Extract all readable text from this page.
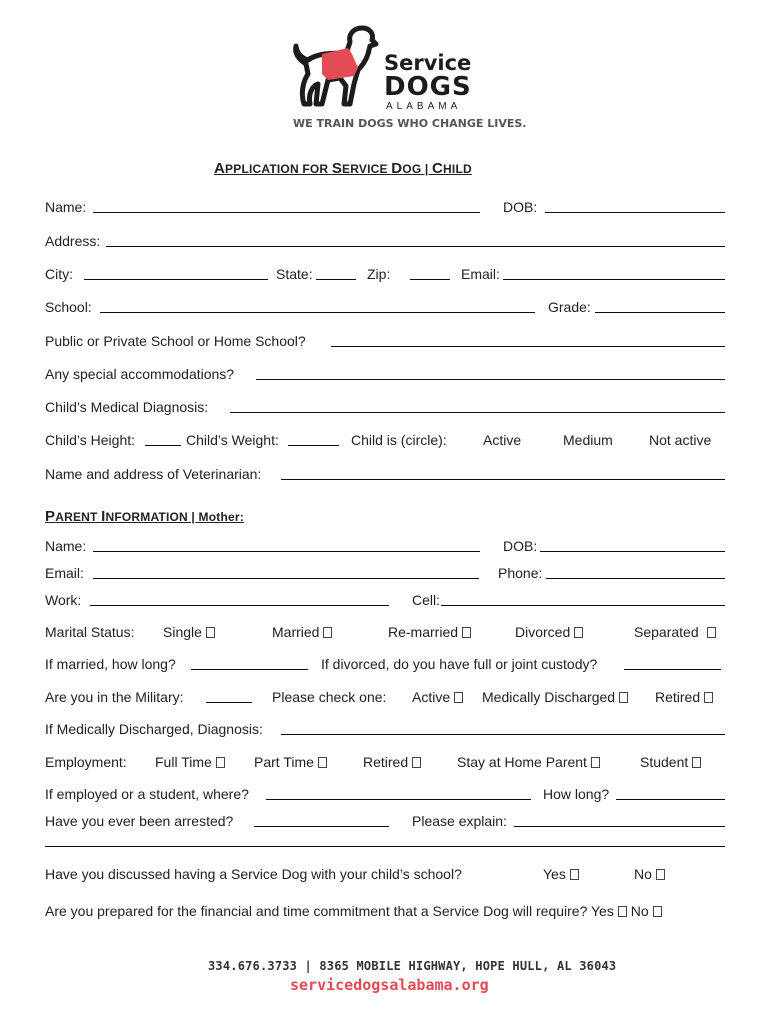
Service
DOGS
ALABAMA
WE TRAIN DOGS WHO CHANGE LIVES.
APPLICATION FOR SERVICE DOG | CHILD
Name:	DOB:
Address:
City:	State:	Zip:	Email:
School:	Grade:
Public or Private School or Home School?
Any special accommodations?
Child’s Medical Diagnosis:
Child’s Height:	Child’s Weight:	Child is (circle):	Active	Medium	Not active
Name and address of Veterinarian:
PARENT INFORMATION | Mother:
Name:	DOB:
Email:	Phone:
Work:	Cell:
Marital Status: Single	Married	Re-married	Divorced	Separated
If married, how long?	If divorced, do you have full or joint custody?
Are you in the Military:	Please check one: Active	Medically Discharged	Retired
If Medically Discharged, Diagnosis:
Employment: Full Time	Part Time	Retired	Stay at Home Parent	Student
If employed or a student, where?	How long?
Have you ever been arrested?	Please explain:
Have you discussed having a Service Dog with your child’s school?	Yes	No
Are you prepared for the financial and time commitment that a Service Dog will require? Yes No
334.676.3733 | 8365 MOBILE HIGHWAY, HOPE HULL, AL 36043
servicedogsalabama.org
